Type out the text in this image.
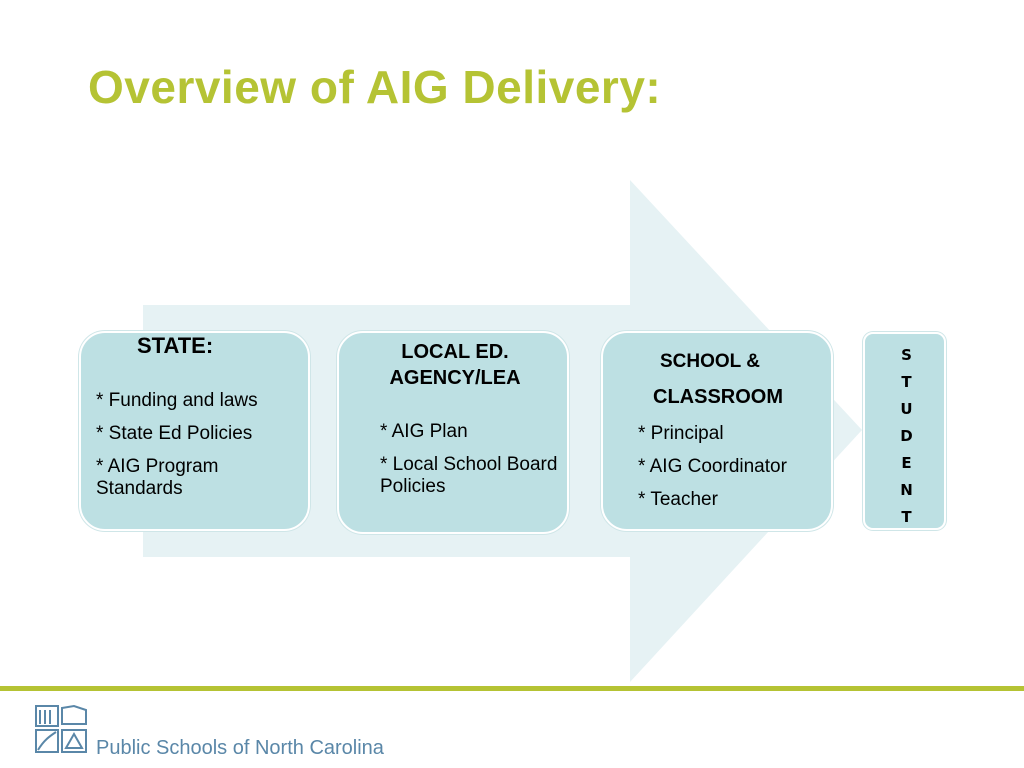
Overview of AIG Delivery:
STATE:
* Funding and laws
* State Ed Policies
* AIG Program Standards
LOCAL ED.
AGENCY/LEA
* AIG Plan
* Local School Board Policies
SCHOOL &
CLASSROOM
* Principal
* AIG Coordinator
* Teacher
S
T
U
D
E
N
T
Public Schools of North Carolina
